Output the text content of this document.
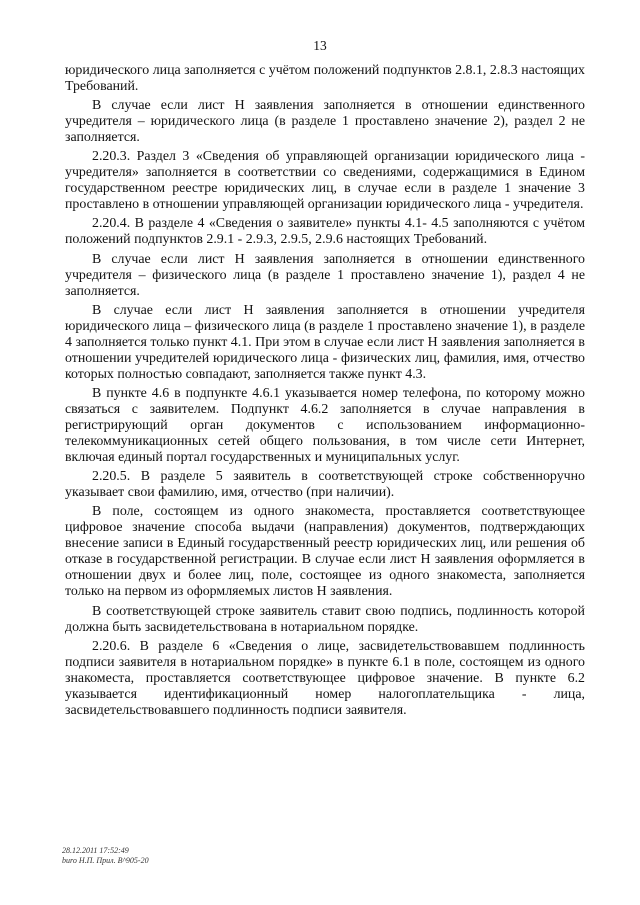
13

юридического лица заполняется с учётом положений подпунктов 2.8.1, 2.8.3 настоящих Требований.

В случае если лист Н заявления заполняется в отношении единственного учредителя – юридического лица (в разделе 1 проставлено значение 2), раздел 2 не заполняется.

2.20.3. Раздел 3 «Сведения об управляющей организации юридического лица - учредителя» заполняется в соответствии со сведениями, содержащимися в Едином государственном реестре юридических лиц, в случае если в разделе 1 значение 3 проставлено в отношении управляющей организации юридического лица - учредителя.

2.20.4. В разделе 4 «Сведения о заявителе» пункты 4.1- 4.5 заполняются с учётом положений подпунктов 2.9.1 - 2.9.3, 2.9.5, 2.9.6 настоящих Требований.

В случае если лист Н заявления заполняется в отношении единственного учредителя – физического лица (в разделе 1 проставлено значение 1), раздел 4 не заполняется.

В случае если лист Н заявления заполняется в отношении учредителя юридического лица – физического лица (в разделе 1 проставлено значение 1), в разделе 4 заполняется только пункт 4.1. При этом в случае если лист Н заявления заполняется в отношении учредителей юридического лица - физических лиц, фамилия, имя, отчество которых полностью совпадают, заполняется также пункт 4.3.

В пункте 4.6 в подпункте 4.6.1 указывается номер телефона, по которому можно связаться с заявителем. Подпункт 4.6.2 заполняется в случае направления в регистрирующий орган документов с использованием информационно-телекоммуникационных сетей общего пользования, в том числе сети Интернет, включая единый портал государственных и муниципальных услуг.

2.20.5. В разделе 5 заявитель в соответствующей строке собственноручно указывает свои фамилию, имя, отчество (при наличии).

В поле, состоящем из одного знакоместа, проставляется соответствующее цифровое значение способа выдачи (направления) документов, подтверждающих внесение записи в Единый государственный реестр юридических лиц, или решения об отказе в государственной регистрации. В случае если лист Н заявления оформляется в отношении двух и более лиц, поле, состоящее из одного знакоместа, заполняется только на первом из оформляемых листов Н заявления.

В соответствующей строке заявитель ставит свою подпись, подлинность которой должна быть засвидетельствована в нотариальном порядке.

2.20.6. В разделе 6 «Сведения о лице, засвидетельствовавшем подлинность подписи заявителя в нотариальном порядке» в пункте 6.1 в поле, состоящем из одного знакоместа, проставляется соответствующее цифровое значение. В пункте 6.2 указывается идентификационный номер налогоплательщика - лица, засвидетельствовавшего подлинность подписи заявителя.

28.12.2011 17:52:49
buro Н.П. Прил. В^905-20
